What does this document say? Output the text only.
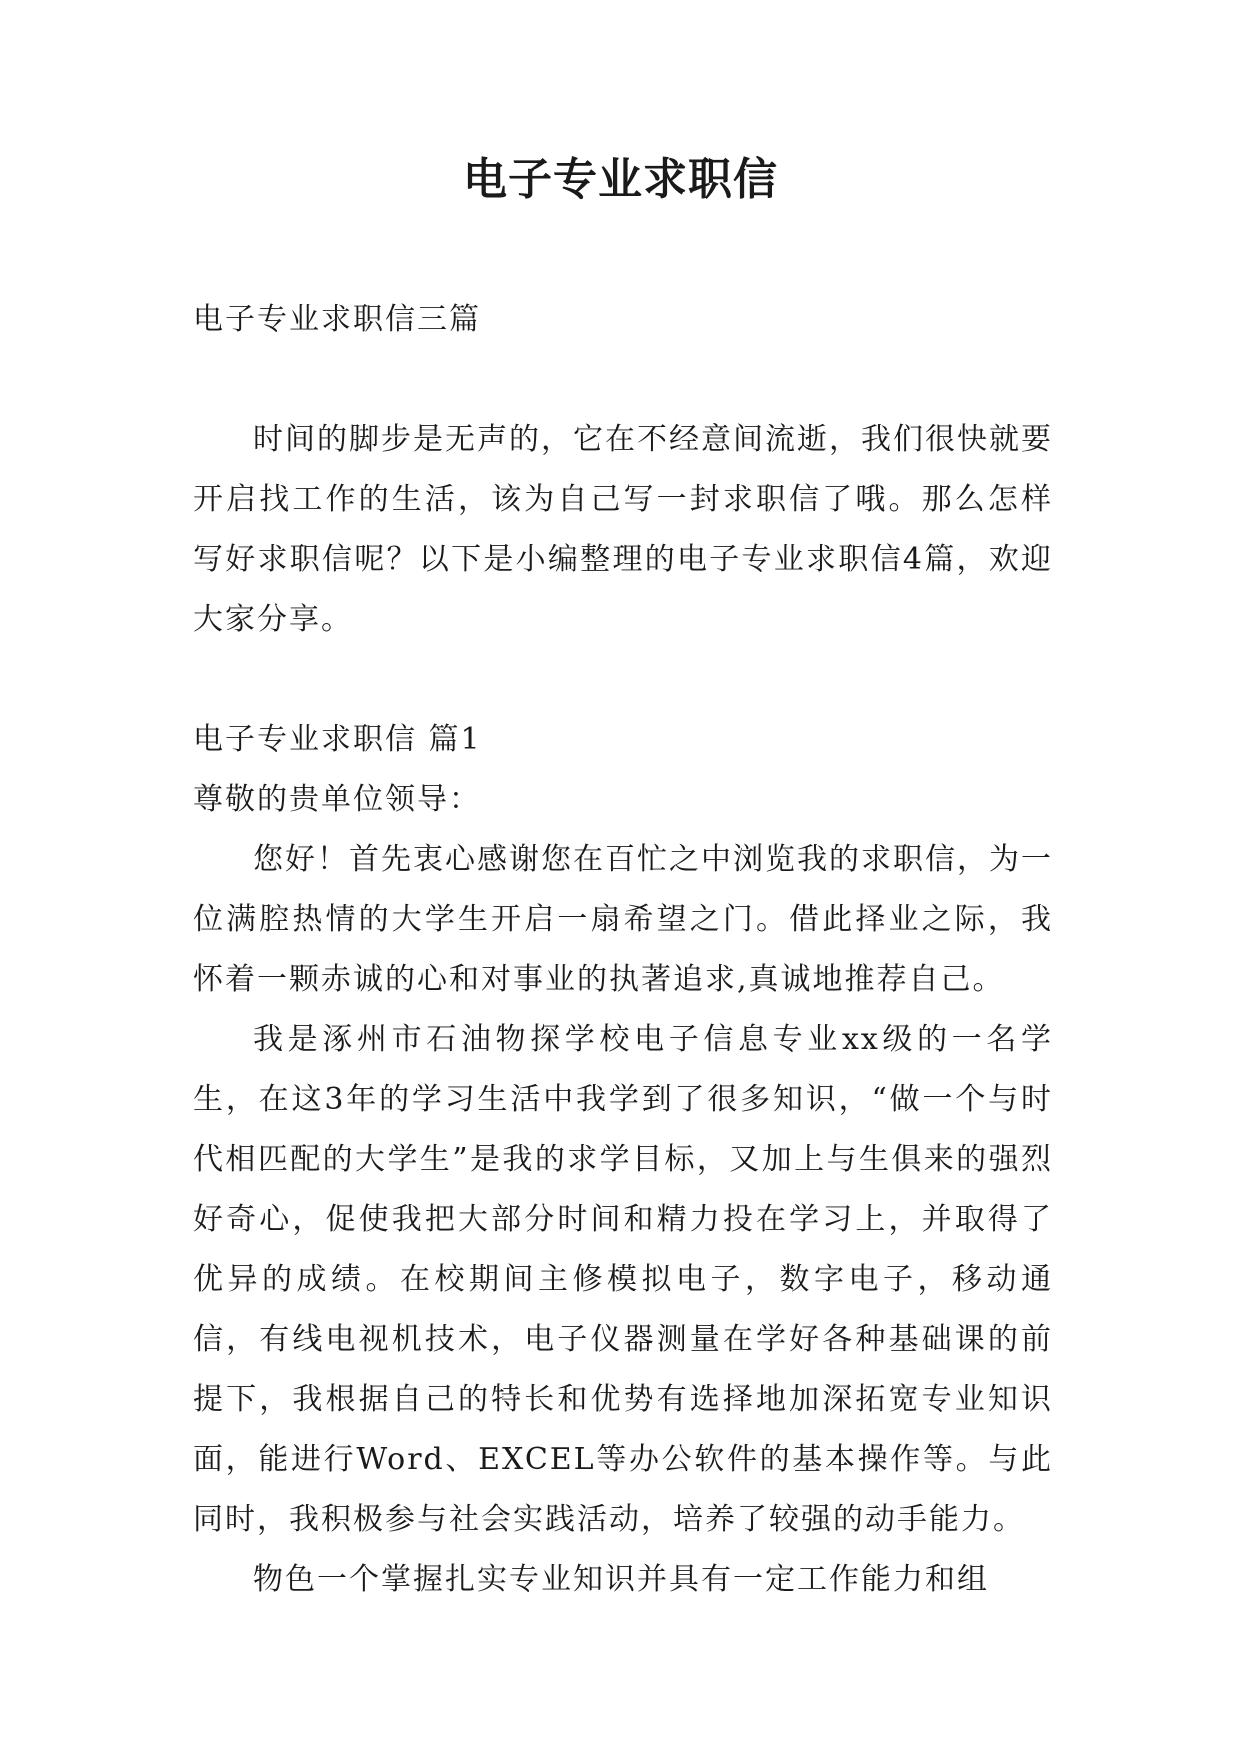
电子专业求职信

电子专业求职信三篇

时间的脚步是无声的，它在不经意间流逝，我们很快就要开启找工作的生活，该为自己写一封求职信了哦。那么怎样写好求职信呢？以下是小编整理的电子专业求职信4篇，欢迎大家分享。

电子专业求职信 篇1

尊敬的贵单位领导：

您好！首先衷心感谢您在百忙之中浏览我的求职信，为一位满腔热情的大学生开启一扇希望之门。借此择业之际，我怀着一颗赤诚的心和对事业的执著追求,真诚地推荐自己。

我是涿州市石油物探学校电子信息专业xx级的一名学生，在这3年的学习生活中我学到了很多知识，“做一个与时代相匹配的大学生”是我的求学目标，又加上与生俱来的强烈好奇心，促使我把大部分时间和精力投在学习上，并取得了优异的成绩。在校期间主修模拟电子，数字电子，移动通信，有线电视机技术，电子仪器测量在学好各种基础课的前提下，我根据自己的特长和优势有选择地加深拓宽专业知识面，能进行Word、EXCEL等办公软件的基本操作等。与此同时，我积极参与社会实践活动，培养了较强的动手能力。

物色一个掌握扎实专业知识并具有一定工作能力和组
